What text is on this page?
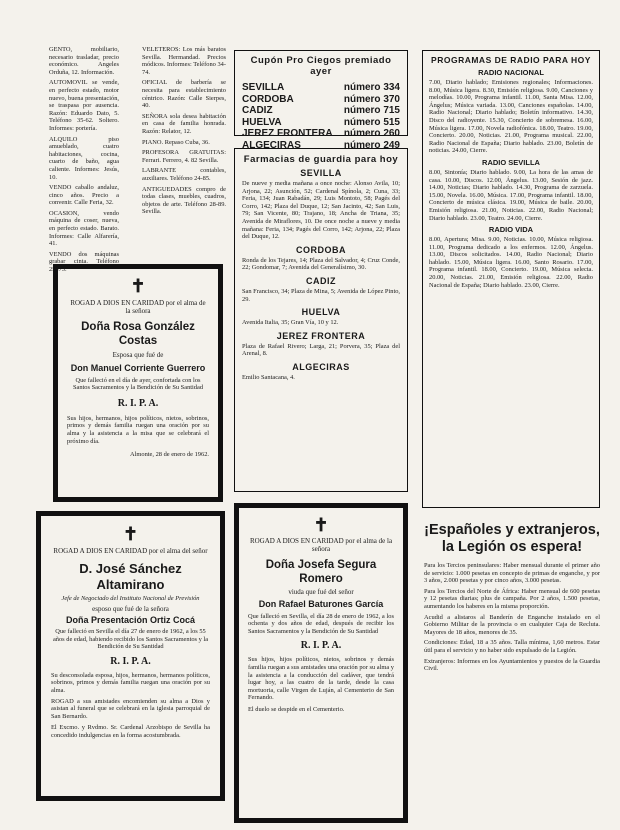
GENTO, mobiliario, necesario trasladar, precio económico. Angeles Orduña, 12. Información.

AUTOMOVIL se vende, en perfecto estado, motor nuevo, buena presentación, se traspasa por ausencia. Razón: Eduardo Dato, 5. Teléfono 35-62. Soltero. Informes: portería.

ALQUILO piso amueblado, cuatro habitaciones, cocina, cuarto de baño, agua caliente. Informes: Jesús, 10.

VENDO caballo andaluz, cinco años. Precio a convenir. Calle Feria, 32.

OCASION, vendo máquina de coser, nueva, en perfecto estado. Barato. Informes: Calle Alfarería, 41.

VENDO dos máquinas grabar cinta. Teléfono 25873.

✝
ROGAD A DIOS EN CARIDAD por el alma de la señora
Doña Rosa González Costas
Esposa que fué de
Don Manuel Corriente Guerrero
Que falleció en el día de ayer, confortada con los Santos Sacramentos y la Bendición de Su Santidad
R. I. P. A.
Sus hijos, hermanos, hijos políticos, nietos, sobrinos, primos y demás familia ruegan una oración por su alma y la asistencia a la misa que se celebrará el próximo día.
Almonte, 28 de enero de 1962.

VELETEROS: Los más baratos Sevilla. Hermandad. Precios módicos. Informes: Teléfono 34-74.

OFICIAL de barbería se necesita para establecimiento céntrico. Razón: Calle Sierpes, 40.

SEÑORA sola desea habitación en casa de familia honrada. Razón: Relator, 12.

PIANO. Repaso Cuba, 36.

PROFESORA GRATUITAS: Ferrari. Ferrero, 4. 82 Sevilla.

LABRANTE contables, auxiliares. Teléfono 24-85.

ANTIGUEDADES compro de todas clases, muebles, cuadros, objetos de arte. Teléfono 28-89. Sevilla.

✝
ROGAD A DIOS EN CARIDAD por el alma del señor
D. José Sánchez Altamirano
Jefe de Negociado del Instituto Nacional de Previsión
esposo que fué de la señora
Doña Presentación Ortiz Cocá
Que falleció en Sevilla el día 27 de enero de 1962, a los 55 años de edad, habiendo recibido los Santos Sacramentos y la Bendición de Su Santidad
R. I. P. A.
Su desconsolada esposa, hijos, hermanos, hermanos políticos, sobrinos, primos y demás familia ruegan una oración por su alma.
ROGAD a sus amistades encomienden su alma a Dios y asistan al funeral que se celebrará en la iglesia parroquial de San Bernardo.
El Excmo. y Rvdmo. Sr. Cardenal Arzobispo de Sevilla ha concedido indulgencias en la forma acostumbrada.
Cupón Pro Ciegos premiado ayer
SEVILLA	número 334
CORDOBA	número 370
CADIZ	número 715
HUELVA	número 515
JEREZ FRONTERA número 260
ALGECIRAS	número 249
Farmacias de guardia para hoy
SEVILLA
De nueve y media mañana a once noche: Alonso Avila, 10; Arjona, 22; Asunción, 52; Cardenal Spínola, 2; Cuna, 33; Feria, 134; Juan Rabadán, 29; Luis Montoto, 58; Pagés del Corro, 142; Plaza del Duque, 12; San Jacinto, 42; San Luis, 79; San Vicente, 80; Trajano, 18; Ancha de Triana, 35; Avenida de Miraflores, 10. De once noche a nueve y media mañana: Feria, 134; Pagés del Corro, 142; Arjona, 22; Plaza del Duque, 12.
CORDOBA
Ronda de los Tejares, 14; Plaza del Salvador, 4; Cruz Conde, 22; Gondomar, 7; Avenida del Generalísimo, 30.
CADIZ
San Francisco, 34; Plaza de Mina, 5; Avenida de López Pinto, 29.
HUELVA
Avenida Italia, 35; Gran Vía, 10 y 12.
JEREZ FRONTERA
Plaza de Rafael Rivero; Larga, 21; Porvera, 35; Plaza del Arenal, 8.
ALGECIRAS
Emilio Santacana, 4.
✝
ROGAD A DIOS EN CARIDAD por el alma de la señora
Doña Josefa Segura Romero
viuda que fué del señor
Don Rafael Baturones García
Que falleció en Sevilla, el día 28 de enero de 1962, a los ochenta y dos años de edad, después de recibir los Santos Sacramentos y la Bendición de Su Santidad
R. I. P. A.
Sus hijos, hijos políticos, nietos, sobrinos y demás familia ruegan a sus amistades una oración por su alma y la asistencia a la conducción del cadáver, que tendrá lugar hoy, a las cuatro de la tarde, desde la casa mortuoria, calle Virgen de Luján, al Cementerio de San Fernando.
El duelo se despide en el Cementerio.
PROGRAMAS DE RADIO PARA HOY
RADIO NACIONAL
7.00, Diario hablado; Emisiones regionales; Informaciones. 8.00, Música ligera. 8.30, Emisión religiosa. 9.00, Canciones y melodías. 10.00, Programa infantil. 11.00, Santa Misa. 12.00, Ángelus; Música variada. 13.00, Canciones españolas. 14.00, Radio Nacional; Diario hablado; Boletín informativo. 14.30, Disco del radioyente. 15.30, Concierto de sobremesa. 16.00, Música ligera. 17.00, Novela radiofónica. 18.00, Teatro. 19.00, Concierto. 20.00, Noticias. 21.00, Programa musical. 22.00, Radio Nacional de España; Diario hablado. 23.00, Boletín de noticias. 24.00, Cierre.
RADIO SEVILLA
8.00, Sintonía; Diario hablado. 9.00, La hora de las amas de casa. 10.00, Discos. 12.00, Ángelus. 13.00, Sesión de jazz. 14.00, Noticias; Diario hablado. 14.30, Programa de zarzuela. 15.00, Novela. 16.00, Música. 17.00, Programa infantil. 18.00, Concierto de música clásica. 19.00, Música de baile. 20.00, Emisión religiosa. 21.00, Noticias. 22.00, Radio Nacional; Diario hablado. 23.00, Teatro. 24.00, Cierre.
RADIO VIDA
8.00, Apertura; Misa. 9.00, Noticias. 10.00, Música religiosa. 11.00, Programa dedicado a los enfermos. 12.00, Ángelus. 13.00, Discos solicitados. 14.00, Radio Nacional; Diario hablado. 15.00, Música ligera. 16.00, Santo Rosario. 17.00, Programa infantil. 18.00, Concierto. 19.00, Música selecta. 20.00, Noticias. 21.00, Emisión religiosa. 22.00, Radio Nacional de España; Diario hablado. 23.00, Cierre.
¡Españoles y extranjeros, la Legión os espera!

Para los Tercios peninsulares: Haber mensual durante el primer año de servicio: 1.000 pesetas en concepto de primas de enganche, y por 3 años, 2.000 pesetas y por cinco años, 3.000 pesetas.

Para los Tercios del Norte de África: Haber mensual de 600 pesetas y 12 pesetas diarias; plus de campaña. Por 2 años, 1.500 pesetas, aumentando los haberes en la misma proporción.

Acudid a alistaros al Banderín de Enganche instalado en el Gobierno Militar de la provincia o en cualquier Caja de Recluta. Mayores de 18 años, menores de 35.

Condiciones: Edad, 18 a 35 años. Talla mínima, 1,60 metros. Estar útil para el servicio y no haber sido expulsado de la Legión.

Extranjeros: Informes en los Ayuntamientos y puestos de la Guardia Civil.
